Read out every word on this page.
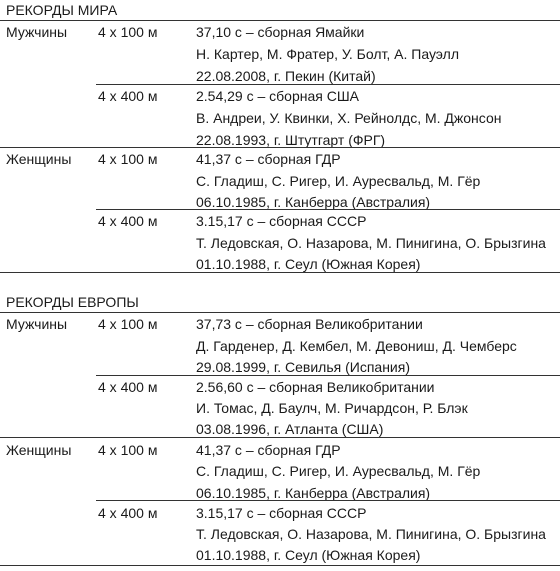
РЕКОРДЫ МИРА
Мужчины 4 x 100 м	37,10 с – сборная Ямайки
Н. Картер, М. Фратер, У. Болт, А. Пауэлл
22.08.2008, г. Пекин (Китай)
4 x 400 м	2.54,29 с – сборная США
В. Андреи, У. Квинки, Х. Рейнолдс, М. Джонсон
22.08.1993, г. Штутгарт (ФРГ)
Женщины 4 x 100 м	41,37 с – сборная ГДР
С. Гладиш, С. Ригер, И. Ауресвальд, М. Гёр
06.10.1985, г. Канберра (Австралия)
4 x 400 м	3.15,17 с – сборная СССР
Т. Ледовская, О. Назарова, М. Пинигина, О. Брызгина
01.10.1988, г. Сеул (Южная Корея)
РЕКОРДЫ ЕВРОПЫ
Мужчины 4 x 100 м	37,73 с – сборная Великобритании
Д. Гарденер, Д. Кембел, М. Девониш, Д. Чемберс
29.08.1999, г. Севилья (Испания)
4 x 400 м	2.56,60 с – сборная Великобритании
И. Томас, Д. Баулч, М. Ричардсон, Р. Блэк
03.08.1996, г. Атланта (США)
Женщины 4 x 100 м	41,37 с – сборная ГДР
С. Гладиш, С. Ригер, И. Ауресвальд, М. Гёр
06.10.1985, г. Канберра (Австралия)
4 x 400 м	3.15,17 с – сборная СССР
Т. Ледовская, О. Назарова, М. Пинигина, О. Брызгина
01.10.1988, г. Сеул (Южная Корея)
